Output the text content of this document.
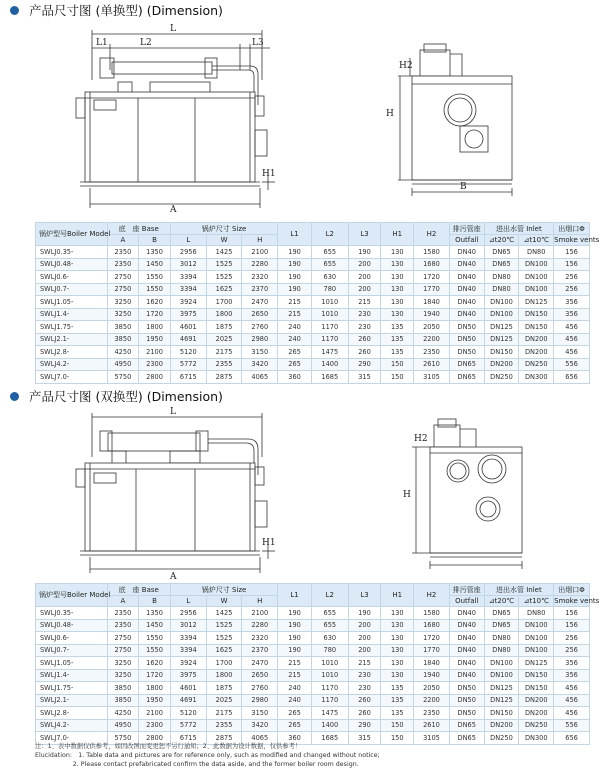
产品尺寸图 (单换型) (Dimension)
L
L1	L2	L3
A
H1
H2
H
B
锅炉型号Boiler Model	底　座 Base		锅炉尺寸 Size			L1	L2	L3	H1	H2	排污管座	进出水管 Inlet		出烟口Φ
	A	B	L	W	H						Outfall	⊿t20℃	⊿t10℃	Smoke vents
SWLJ0.35-	2350	1350	2956	1425	2100	190	655	190	130	1580	DN40	DN65	DN80	156
SWLJ0.48-	2350	1450	3012	1525	2280	190	655	200	130	1680	DN40	DN65	DN100	156
SWLJ0.6-	2750	1550	3394	1525	2320	190	630	200	130	1720	DN40	DN80	DN100	256
SWLJ0.7-	2750	1550	3394	1625	2370	190	780	200	130	1770	DN40	DN80	DN100	256
SWLJ1.05-	3250	1620	3924	1700	2470	215	1010	215	130	1840	DN40	DN100	DN125	356
SWLJ1.4-	3250	1720	3975	1800	2650	215	1010	230	130	1940	DN40	DN100	DN150	356
SWLJ1.75-	3850	1800	4601	1875	2760	240	1170	230	135	2050	DN50	DN125	DN150	456
SWLJ2.1-	3850	1950	4691	2025	2980	240	1170	260	135	2200	DN50	DN125	DN200	456
SWLJ2.8-	4250	2100	5120	2175	3150	265	1475	260	135	2350	DN50	DN150	DN200	456
SWLJ4.2-	4950	2300	5772	2355	3420	265	1400	290	150	2610	DN65	DN200	DN250	556
SWLJ7.0-	5750	2800	6715	2875	4065	360	1685	315	150	3105	DN65	DN250	DN300	656
产品尺寸图 (双换型) (Dimension)
L
A
H1
H2
H
锅炉型号Boiler Model	底　座 Base		锅炉尺寸 Size			L1	L2	L3	H1	H2	排污管座	进出水管 Inlet		出烟口Φ
	A	B	L	W	H						Outfall	⊿t20℃	⊿t10℃	Smoke vents
SWLJ0.35-	2350	1350	2956	1425	2100	190	655	190	130	1580	DN40	DN65	DN80	156
SWLJ0.48-	2350	1450	3012	1525	2280	190	655	200	130	1680	DN40	DN65	DN100	156
SWLJ0.6-	2750	1550	3394	1525	2320	190	630	200	130	1720	DN40	DN80	DN100	256
SWLJ0.7-	2750	1550	3394	1625	2370	190	780	200	130	1770	DN40	DN80	DN100	256
SWLJ1.05-	3250	1620	3924	1700	2470	215	1010	215	130	1840	DN40	DN100	DN125	356
SWLJ1.4-	3250	1720	3975	1800	2650	215	1010	230	130	1940	DN40	DN100	DN150	356
SWLJ1.75-	3850	1800	4601	1875	2760	240	1170	230	135	2050	DN50	DN125	DN150	456
SWLJ2.1-	3850	1950	4691	2025	2980	240	1170	260	135	2200	DN50	DN125	DN200	456
SWLJ2.8-	4250	2100	5120	2175	3150	265	1475	260	135	2350	DN50	DN150	DN200	456
SWLJ4.2-	4950	2300	5772	2355	3420	265	1400	290	150	2610	DN65	DN200	DN250	556
SWLJ7.0-	5750	2800	6715	2875	4065	360	1685	315	150	3105	DN65	DN250	DN300	656
注：1、表中数据仅供参考，如因改图而变更恕不另行通知；2、此数据为设计数据，仅供参考！
Elucidation:　1. Table data and pictures are for reference only, such as modified and changed without notice;
　　　　　　2. Please contact prefabricated confirm the data aside, and the former boiler room design.
